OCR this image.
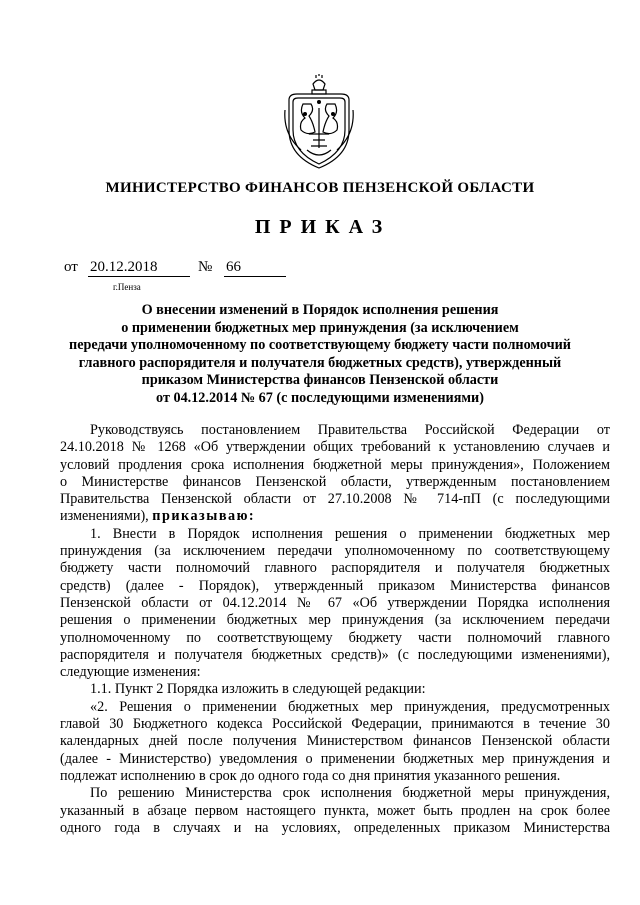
МИНИСТЕРСТВО ФИНАНСОВ ПЕНЗЕНСКОЙ ОБЛАСТИ
ПРИКАЗ
от 20.12.2018	№ 66
г.Пенза
О внесении изменений в Порядок исполнения решения
о применении бюджетных мер принуждения (за исключением
передачи уполномоченному по соответствующему бюджету части полномочий
главного распорядителя и получателя бюджетных средств), утвержденный
приказом Министерства финансов Пензенской области
от 04.12.2014 № 67 (с последующими изменениями)
Руководствуясь постановлением Правительства Российской Федерации от
24.10.2018 № 1268 «Об утверждении общих требований к установлению случаев и
условий продления срока исполнения бюджетной меры принуждения», Положением
о Министерстве финансов Пензенской области, утвержденным постановлением
Правительства Пензенской области от 27.10.2008 № 714-пП (с последующими
изменениями), приказываю:
1. Внести в Порядок исполнения решения о применении бюджетных мер
принуждения (за исключением передачи уполномоченному по соответствующему
бюджету части полномочий главного распорядителя и получателя бюджетных
средств) (далее - Порядок), утвержденный приказом Министерства финансов
Пензенской области от 04.12.2014 № 67 «Об утверждении Порядка исполнения
решения о применении бюджетных мер принуждения (за исключением передачи
уполномоченному по соответствующему бюджету части полномочий главного
распорядителя и получателя бюджетных средств)» (с последующими изменениями),
следующие изменения:
1.1. Пункт 2 Порядка изложить в следующей редакции:
«2. Решения о применении бюджетных мер принуждения, предусмотренных
главой 30 Бюджетного кодекса Российской Федерации, принимаются в течение 30
календарных дней после получения Министерством финансов Пензенской области
(далее - Министерство) уведомления о применении бюджетных мер принуждения и
подлежат исполнению в срок до одного года со дня принятия указанного решения.
По решению Министерства срок исполнения бюджетной меры принуждения,
указанный в абзаце первом настоящего пункта, может быть продлен на срок более
одного года в случаях и на условиях, определенных приказом Министерства
